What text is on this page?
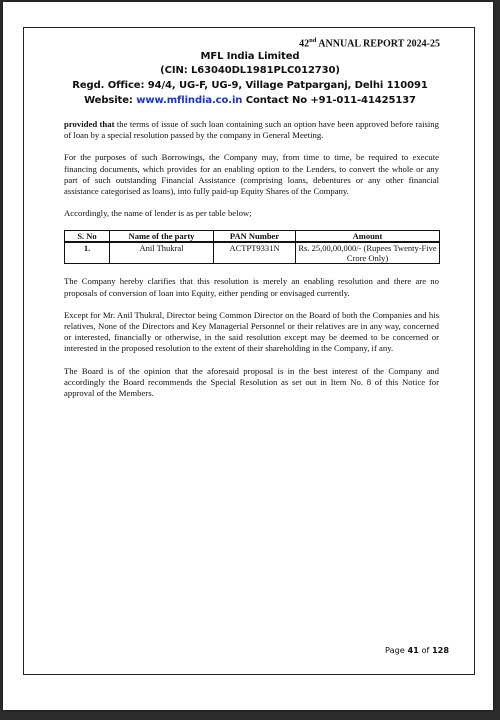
42nd ANNUAL REPORT 2024-25
MFL India Limited
(CIN: L63040DL1981PLC012730)
Regd. Office: 94/4, UG-F, UG-9, Village Patparganj, Delhi 110091
Website: www.mflindia.co.in Contact No +91-011-41425137

provided that the terms of issue of such loan containing such an option have been approved before raising of loan by a special resolution passed by the company in General Meeting.

For the purposes of such Borrowings, the Company may, from time to time, be required to execute financing documents, which provides for an enabling option to the Lenders, to convert the whole or any part of such outstanding Financial Assistance (comprising loans, debentures or any other financial assistance categorised as loans), into fully paid-up Equity Shares of the Company.

Accordingly, the name of lender is as per table below;

S. No	Name of the party	PAN Number	Amount
1.	Anil Thukral	ACTPT9331N	Rs. 25,00,00,000/- (Rupees Twenty-Five Crore Only)

The Company hereby clarifies that this resolution is merely an enabling resolution and there are no proposals of conversion of loan into Equity, either pending or envisaged currently.

Except for Mr. Anil Thukral, Director being Common Director on the Board of both the Companies and his relatives, None of the Directors and Key Managerial Personnel or their relatives are in any way, concerned or interested, financially or otherwise, in the said resolution except may be deemed to be concerned or interested in the proposed resolution to the extent of their shareholding in the Company, if any.

The Board is of the opinion that the aforesaid proposal is in the best interest of the Company and accordingly the Board recommends the Special Resolution as set out in Item No. 8 of this Notice for approval of the Members.

Page 41 of 128
